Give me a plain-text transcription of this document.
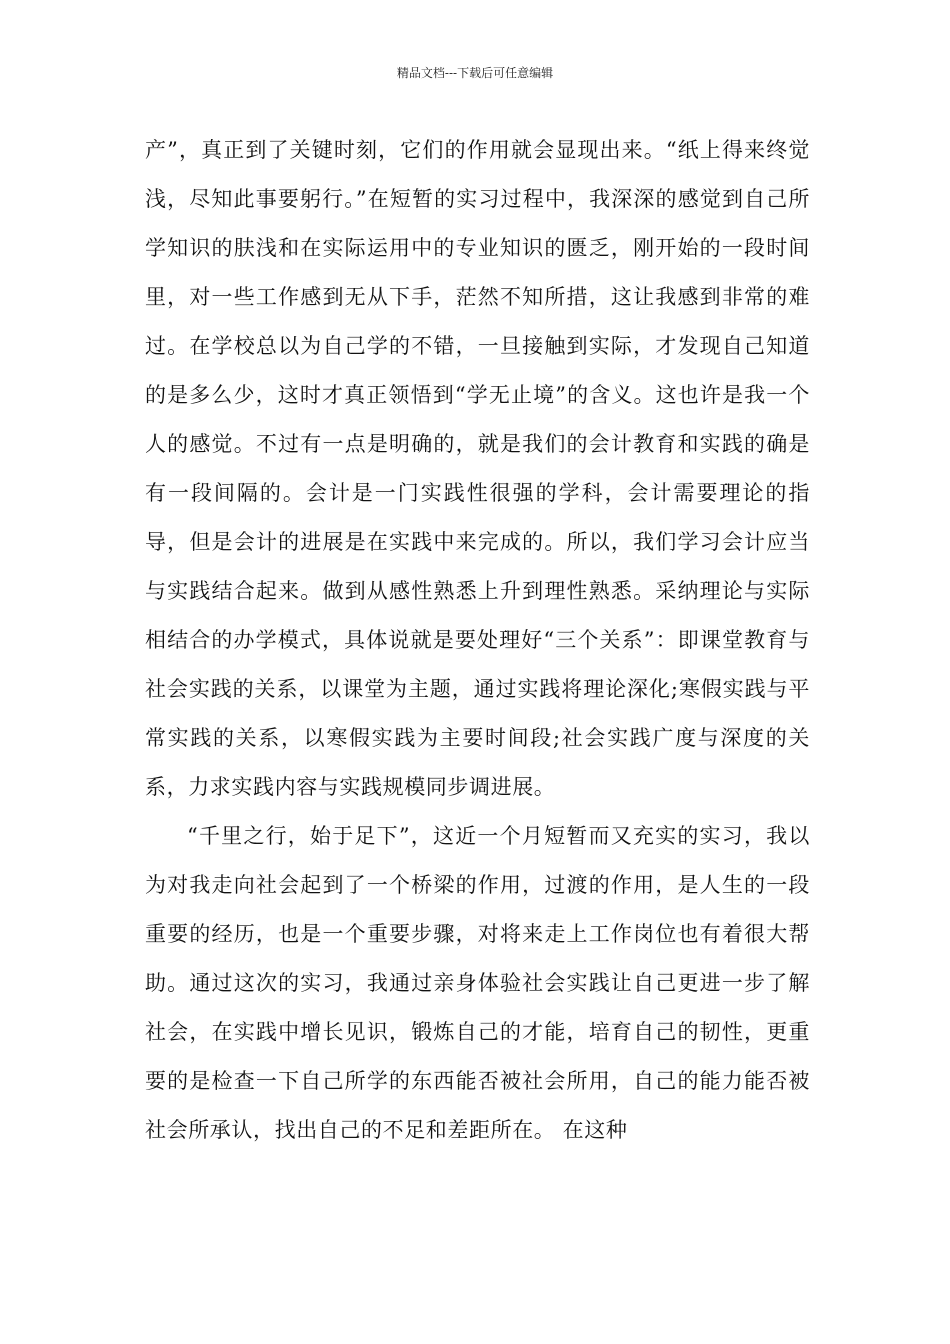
精品文档---下载后可任意编辑

产”，真正到了关键时刻，它们的作用就会显现出来。“纸上得来终觉浅，尽知此事要躬行。”在短暂的实习过程中，我深深的感觉到自己所学知识的肤浅和在实际运用中的专业知识的匮乏，刚开始的一段时间里，对一些工作感到无从下手，茫然不知所措，这让我感到非常的难过。在学校总以为自己学的不错，一旦接触到实际，才发现自己知道的是多么少，这时才真正领悟到“学无止境”的含义。这也许是我一个人的感觉。不过有一点是明确的，就是我们的会计教育和实践的确是有一段间隔的。会计是一门实践性很强的学科，会计需要理论的指导，但是会计的进展是在实践中来完成的。所以，我们学习会计应当与实践结合起来。做到从感性熟悉上升到理性熟悉。采纳理论与实际相结合的办学模式，具体说就是要处理好“三个关系”：即课堂教育与社会实践的关系，以课堂为主题，通过实践将理论深化;寒假实践与平常实践的关系，以寒假实践为主要时间段;社会实践广度与深度的关系，力求实践内容与实践规模同步调进展。

“千里之行，始于足下”，这近一个月短暂而又充实的实习，我以为对我走向社会起到了一个桥梁的作用，过渡的作用，是人生的一段重要的经历，也是一个重要步骤，对将来走上工作岗位也有着很大帮助。通过这次的实习，我通过亲身体验社会实践让自己更进一步了解社会，在实践中增长见识，锻炼自己的才能，培育自己的韧性，更重要的是检查一下自己所学的东西能否被社会所用，自己的能力能否被社会所承认，找出自己的不足和差距所在。 在这种
